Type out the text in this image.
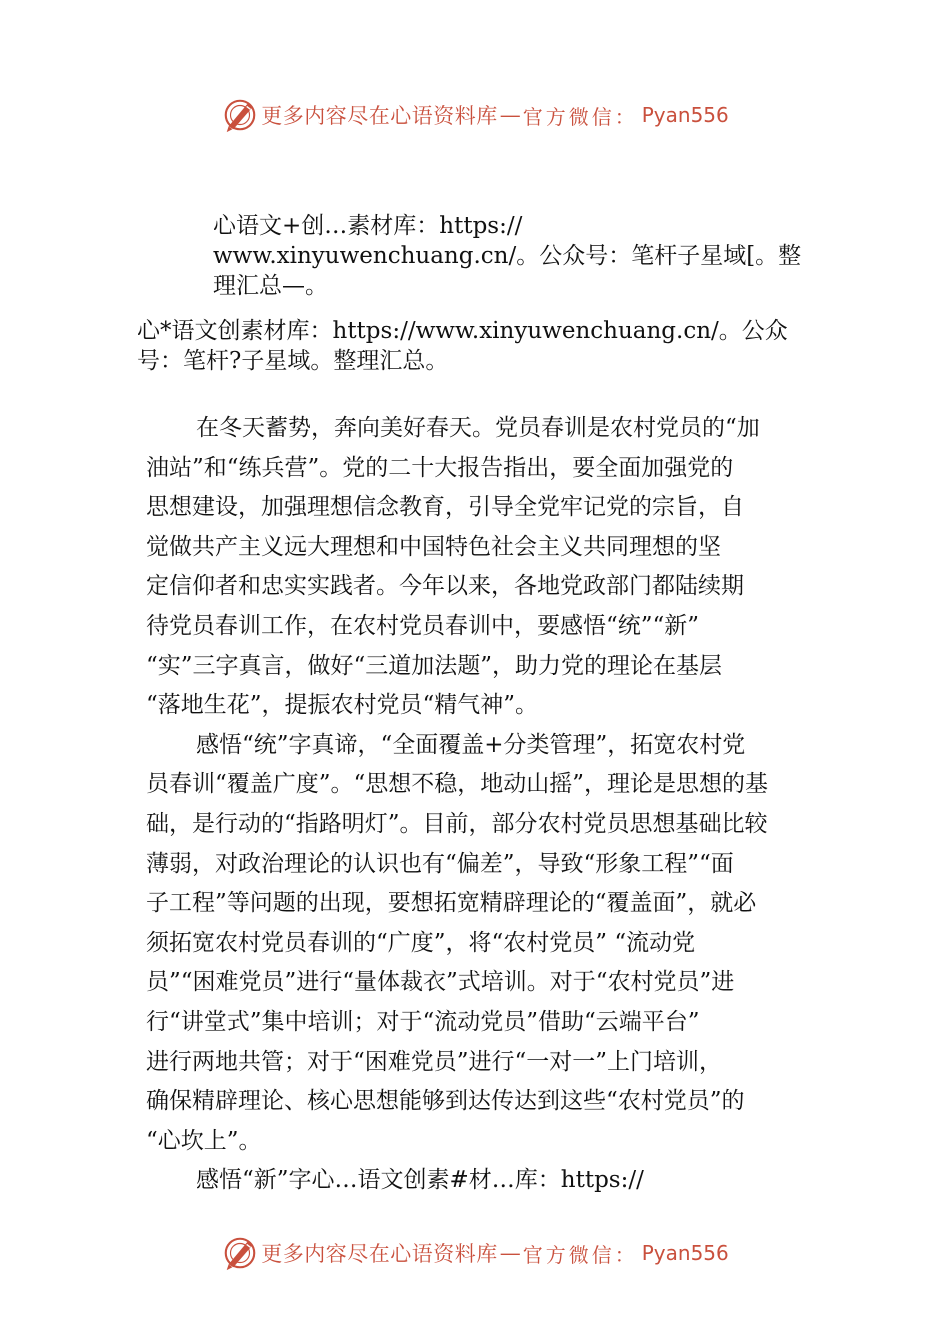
更多内容尽在心语资料库 — 官方微信： Pyan556
心语文+创…素材库：https://
www.xinyuwenchuang.cn/。公众号：笔杆子星域[。整
理汇总—。
心*语文创素材库：https://www.xinyuwenchuang.cn/。公众
号：笔杆?子星域。整理汇总。
在冬天蓄势，奔向美好春天。党员春训是农村党员的“加
油站”和“练兵营”。党的二十大报告指出，要全面加强党的
思想建设，加强理想信念教育，引导全党牢记党的宗旨，自
觉做共产主义远大理想和中国特色社会主义共同理想的坚
定信仰者和忠实实践者。今年以来，各地党政部门都陆续期
待党员春训工作，在农村党员春训中，要感悟“统”“新”
“实”三字真言，做好“三道加法题”，助力党的理论在基层
“落地生花”，提振农村党员“精气神”。
感悟“统”字真谛，“全面覆盖+分类管理”，拓宽农村党
员春训“覆盖广度”。“思想不稳，地动山摇”，理论是思想的基
础，是行动的“指路明灯”。目前，部分农村党员思想基础比较
薄弱，对政治理论的认识也有“偏差”，导致“形象工程”“面
子工程”等问题的出现，要想拓宽精辟理论的“覆盖面”，就必
须拓宽农村党员春训的“广度”，将“农村党员” “流动党
员”“困难党员”进行“量体裁衣”式培训。对于“农村党员”进
行“讲堂式”集中培训；对于“流动党员”借助“云端平台”
进行两地共管；对于“困难党员”进行“一对一”上门培训，
确保精辟理论、核心思想能够到达传达到这些“农村党员”的
“心坎上”。
感悟“新”字心…语文创素#材…库：https://
更多内容尽在心语资料库 — 官方微信： Pyan556
